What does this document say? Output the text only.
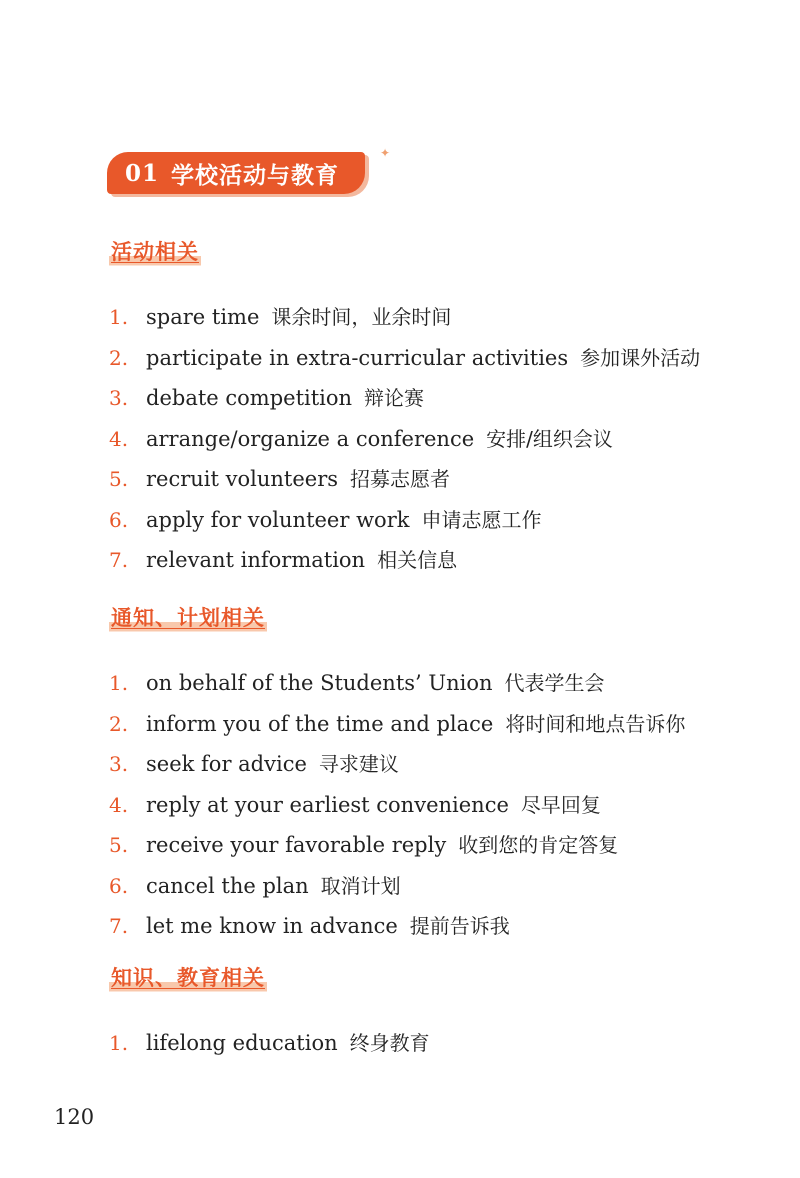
01 学校活动与教育
✦
活动相关
1. spare time 课余时间，业余时间
2. participate in extra-curricular activities 参加课外活动
3. debate competition 辩论赛
4. arrange/organize a conference 安排/组织会议
5. recruit volunteers 招募志愿者
6. apply for volunteer work 申请志愿工作
7. relevant information 相关信息
通知、计划相关
1. on behalf of the Students’ Union 代表学生会
2. inform you of the time and place 将时间和地点告诉你
3. seek for advice 寻求建议
4. reply at your earliest convenience 尽早回复
5. receive your favorable reply 收到您的肯定答复
6. cancel the plan 取消计划
7. let me know in advance 提前告诉我
知识、教育相关
1. lifelong education 终身教育
120
